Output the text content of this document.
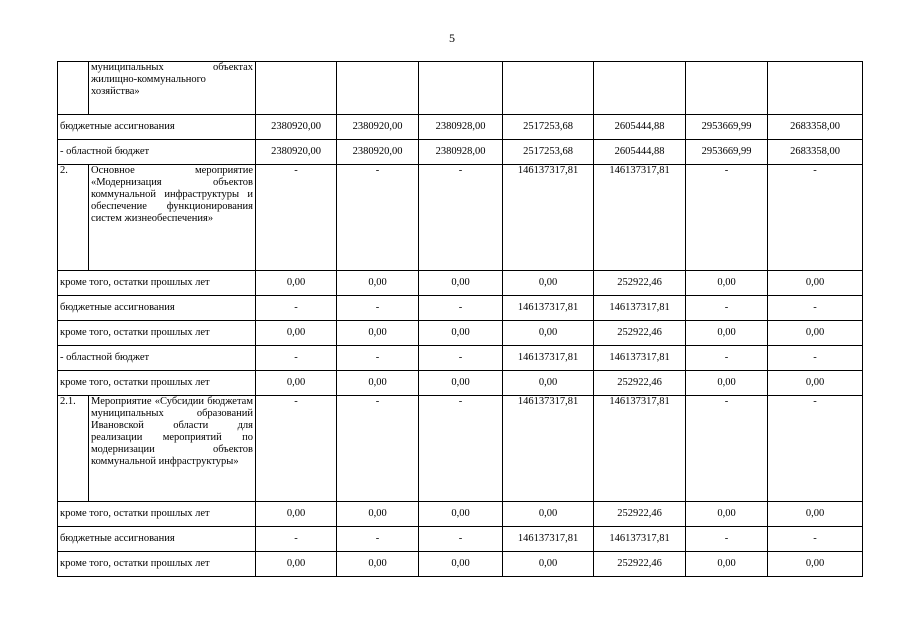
5
	муниципальных объектах жилищно-коммунального хозяйства»							
бюджетные ассигнования		2380920,00	2380920,00	2380928,00	2517253,68	2605444,88	2953669,99	2683358,00
- областной бюджет		2380920,00	2380920,00	2380928,00	2517253,68	2605444,88	2953669,99	2683358,00
2.	Основное мероприятие «Модернизация объектов коммунальной инфраструктуры и обеспечение функционирования систем жизнеобеспечения»	-	-	-	146137317,81	146137317,81	-	-
кроме того, остатки прошлых лет		0,00	0,00	0,00	0,00	252922,46	0,00	0,00
бюджетные ассигнования		-	-	-	146137317,81	146137317,81	-	-
кроме того, остатки прошлых лет		0,00	0,00	0,00	0,00	252922,46	0,00	0,00
- областной бюджет		-	-	-	146137317,81	146137317,81	-	-
кроме того, остатки прошлых лет		0,00	0,00	0,00	0,00	252922,46	0,00	0,00
2.1.	Мероприятие «Субсидии бюджетам муниципальных образований Ивановской области для реализации мероприятий по модернизации объектов коммунальной инфраструктуры»	-	-	-	146137317,81	146137317,81	-	-
кроме того, остатки прошлых лет		0,00	0,00	0,00	0,00	252922,46	0,00	0,00
бюджетные ассигнования		-	-	-	146137317,81	146137317,81	-	-
кроме того, остатки прошлых лет		0,00	0,00	0,00	0,00	252922,46	0,00	0,00
